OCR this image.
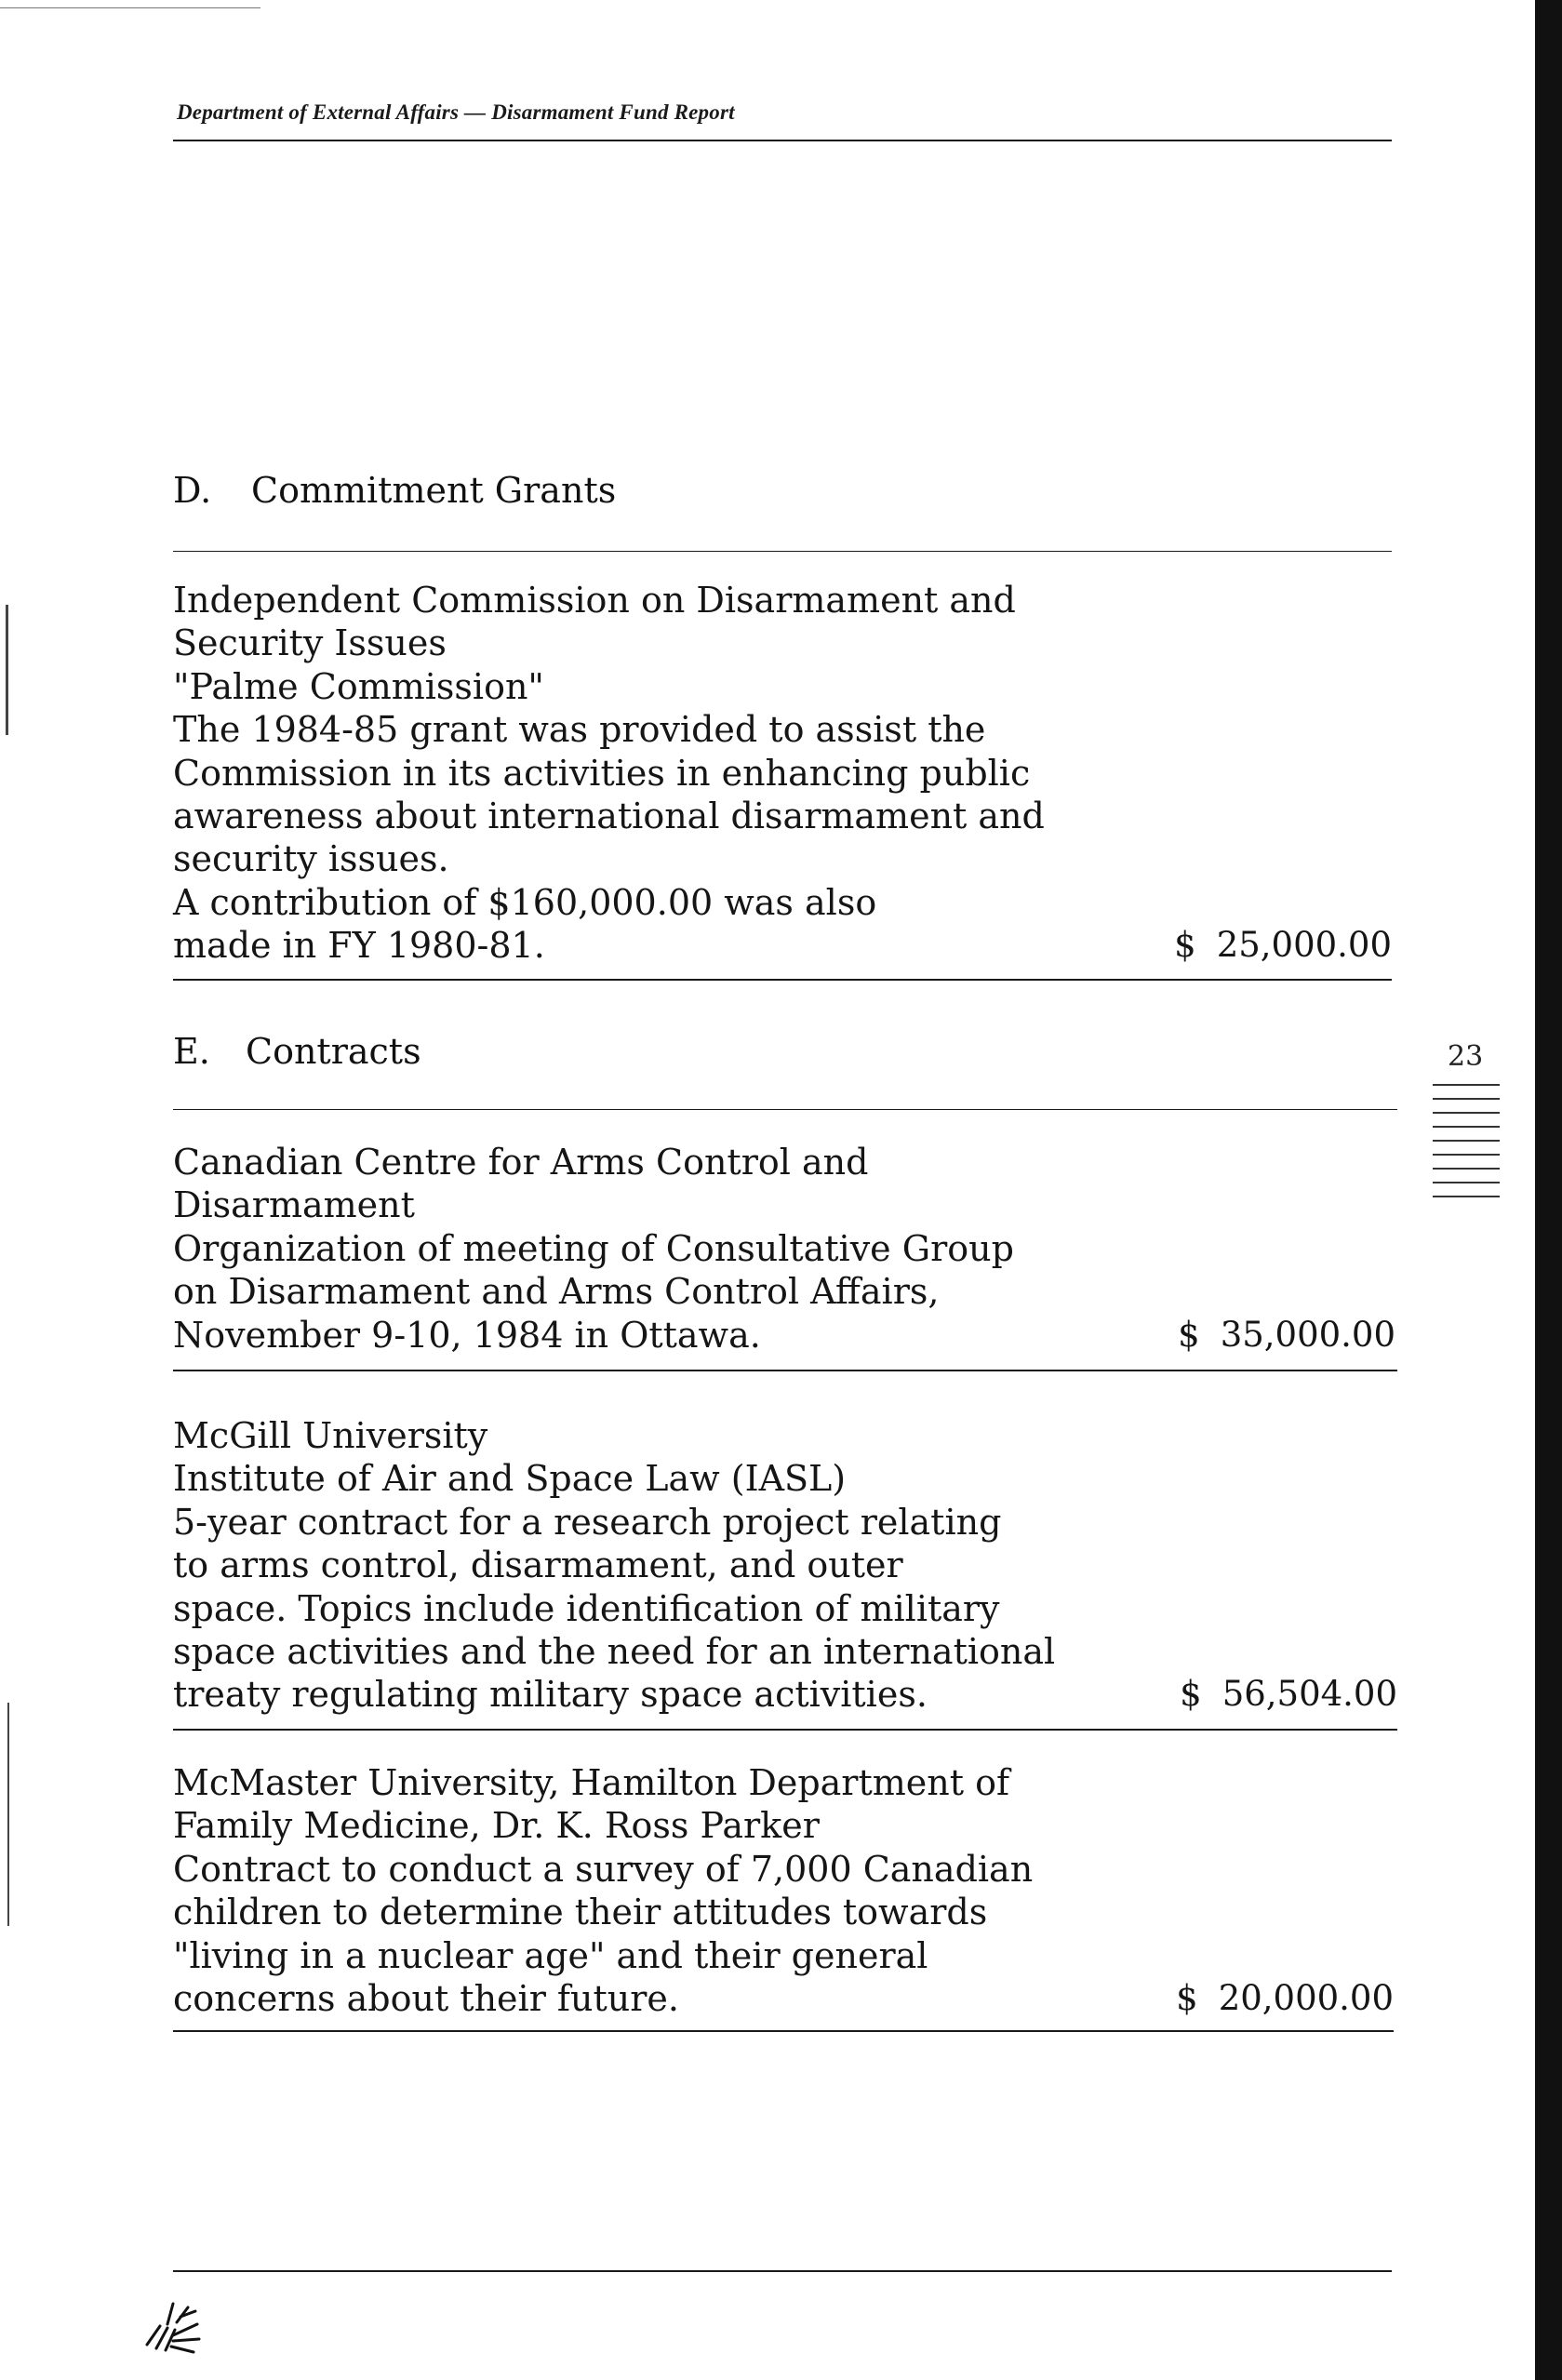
Department of External Affairs — Disarmament Fund Report
D. Commitment Grants
Independent Commission on Disarmament and
Security Issues
"Palme Commission"
The 1984-85 grant was provided to assist the
Commission in its activities in enhancing public
awareness about international disarmament and
security issues.
A contribution of $160,000.00 was also
made in FY 1980-81.	$ 25,000.00
E. Contracts
Canadian Centre for Arms Control and
Disarmament
Organization of meeting of Consultative Group
on Disarmament and Arms Control Affairs,
November 9-10, 1984 in Ottawa.	$ 35,000.00
McGill University
Institute of Air and Space Law (IASL)
5-year contract for a research project relating
to arms control, disarmament, and outer
space. Topics include identification of military
space activities and the need for an international
treaty regulating military space activities.	$ 56,504.00
McMaster University, Hamilton Department of
Family Medicine, Dr. K. Ross Parker
Contract to conduct a survey of 7,000 Canadian
children to determine their attitudes towards
"living in a nuclear age" and their general
concerns about their future.	$ 20,000.00
23
